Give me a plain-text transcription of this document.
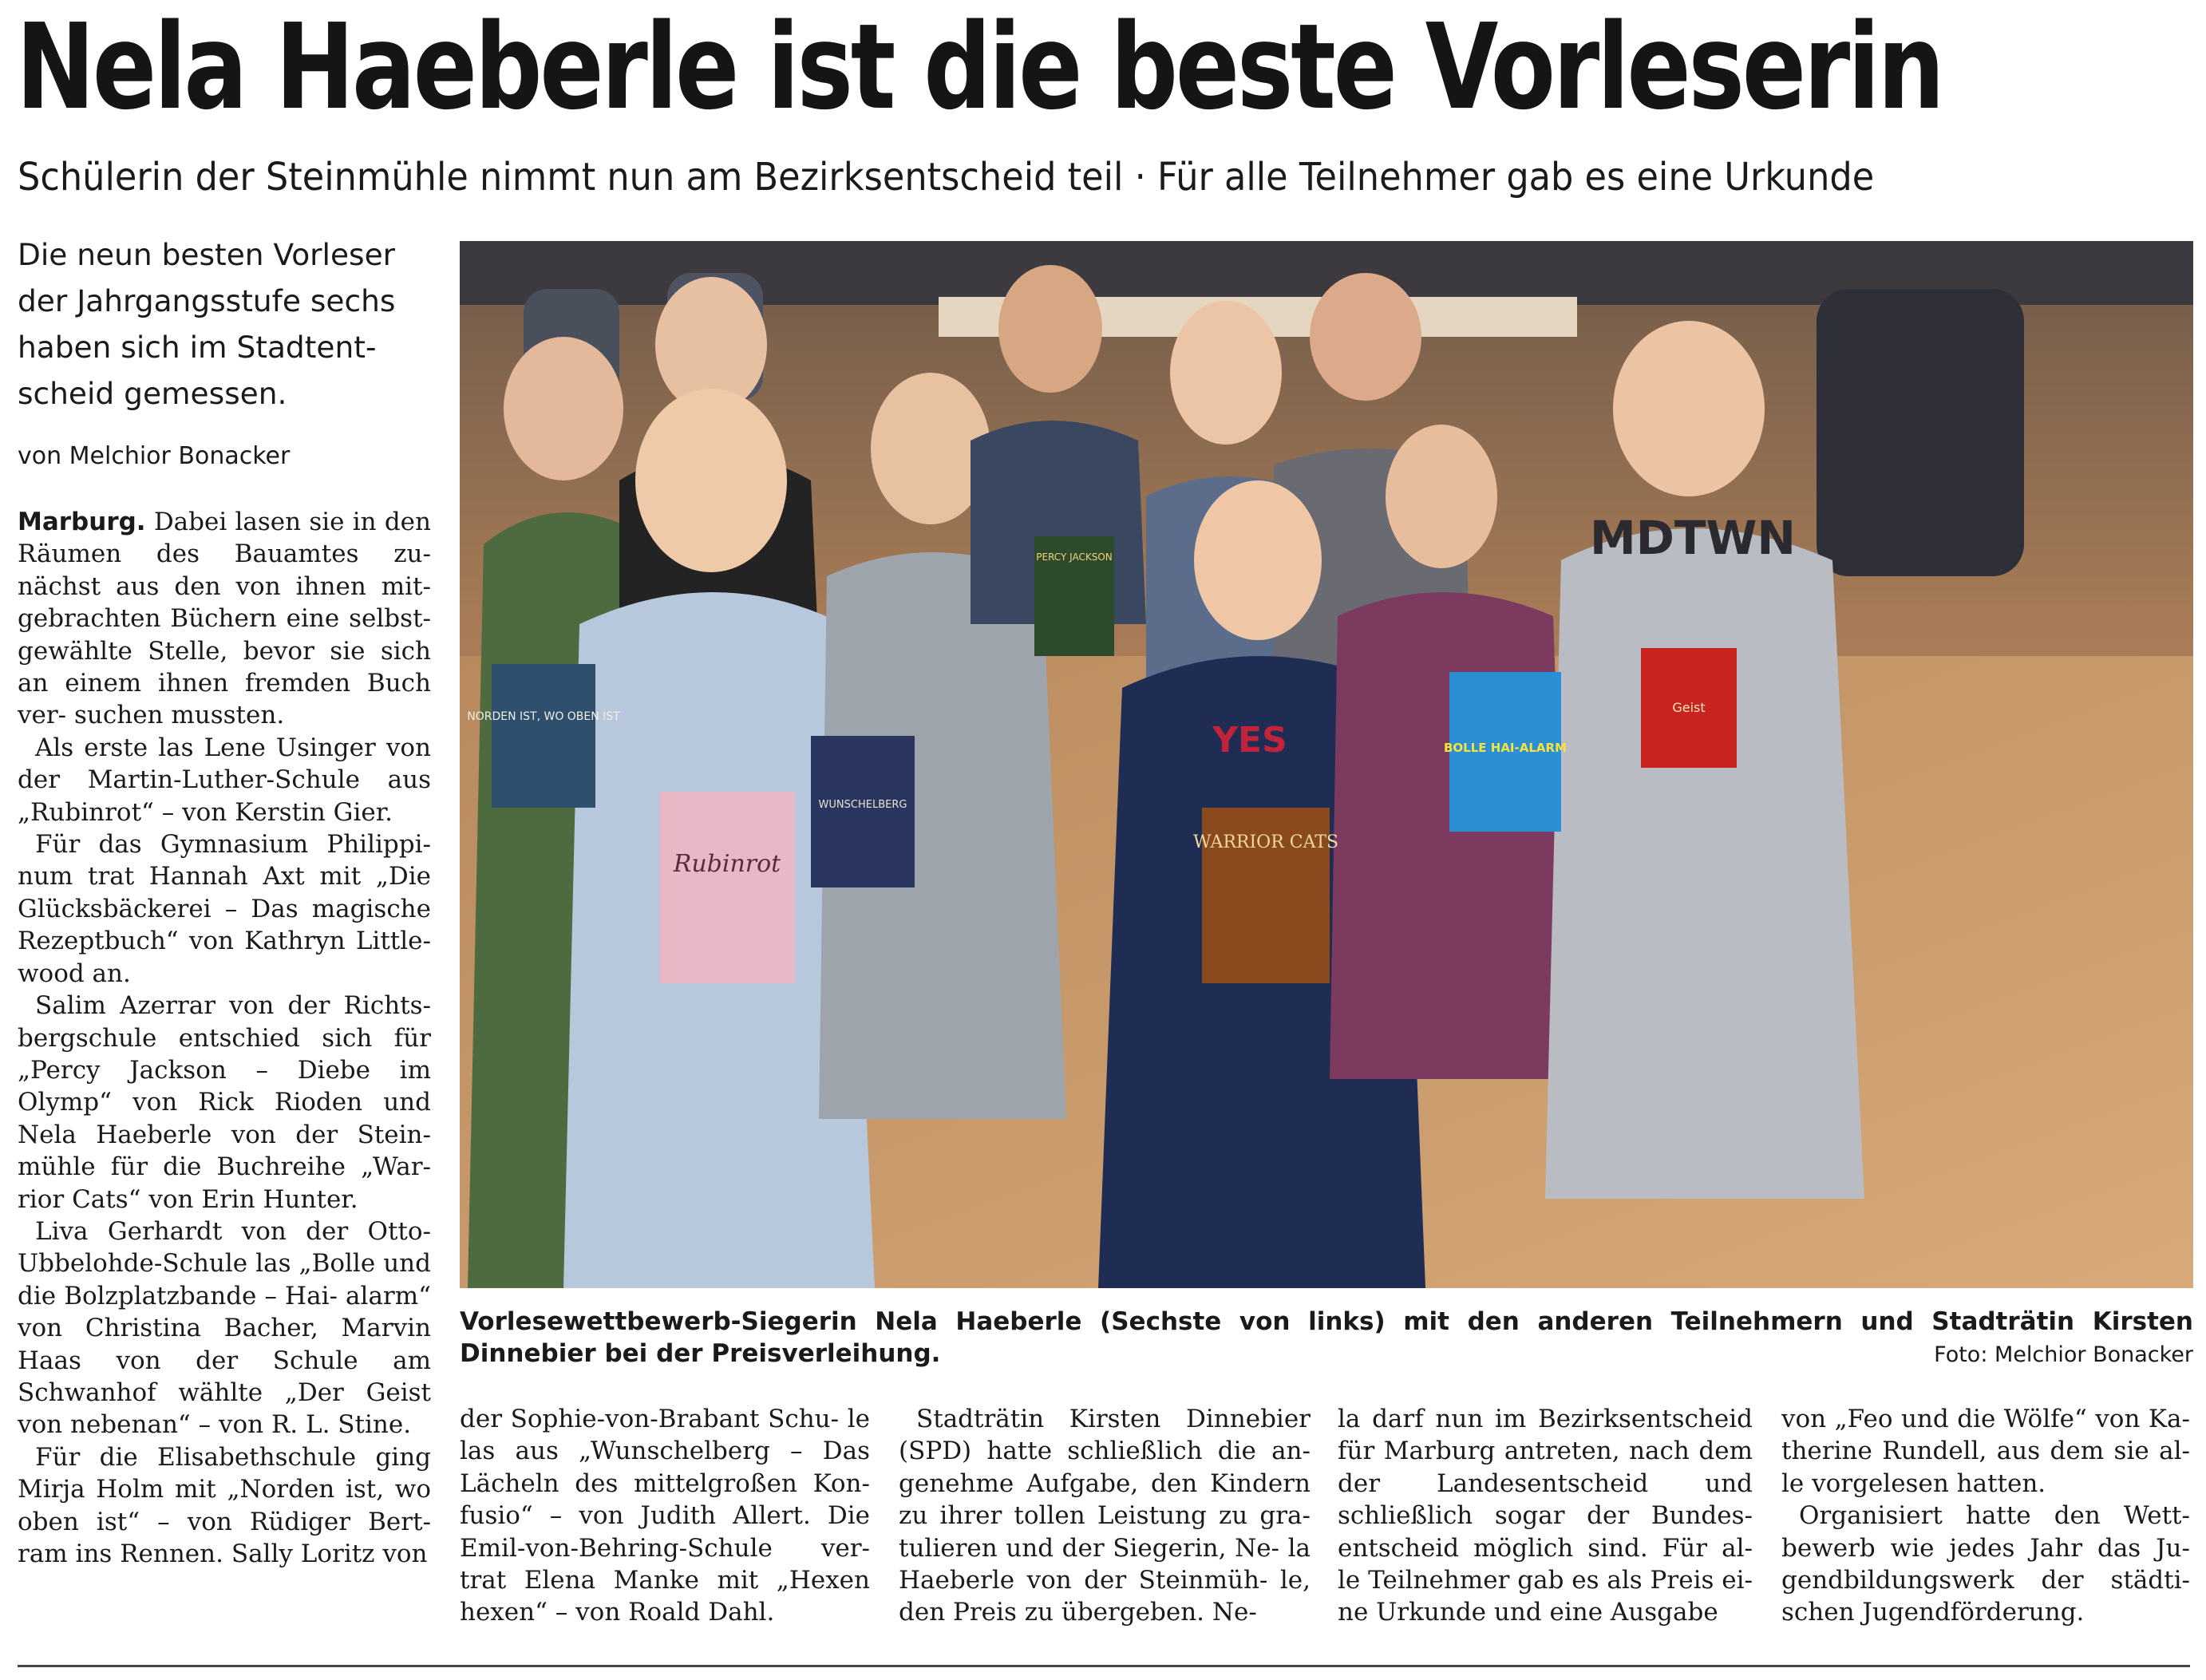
Nela Haeberle ist die beste Vorleserin
Schülerin der Steinmühle nimmt nun am Bezirksentscheid teil · Für alle Teilnehmer gab es eine Urkunde

Die neun besten Vorleser der Jahrgangsstufe sechs haben sich im Stadtent- scheid gemessen.

von Melchior Bonacker

Marburg. Dabei lasen sie in den Räumen des Bauamtes zu- nächst aus den von ihnen mit- gebrachten Büchern eine selbst- gewählte Stelle, bevor sie sich an einem ihnen fremden Buch ver- suchen mussten.

Als erste las Lene Usinger von der Martin-Luther-Schule aus „Rubinrot“ – von Kerstin Gier.

Für das Gymnasium Philippi- num trat Hannah Axt mit „Die Glücksbäckerei – Das magische Rezeptbuch“ von Kathryn Little- wood an.

Salim Azerrar von der Richts- bergschule entschied sich für „Percy Jackson – Diebe im Olymp“ von Rick Rioden und Nela Haeberle von der Stein- mühle für die Buchreihe „War- rior Cats“ von Erin Hunter.

Liva Gerhardt von der Otto- Ubbelohde-Schule las „Bolle und die Bolzplatzbande – Hai- alarm“ von Christina Bacher, Marvin Haas von der Schule am Schwanhof wählte „Der Geist von nebenan“ – von R. L. Stine.

Für die Elisabethschule ging Mirja Holm mit „Norden ist, wo oben ist“ – von Rüdiger Bert- ram ins Rennen. Sally Loritz von

MDTWN
YES
NORDEN IST, WO OBEN IST
Rubinrot
WUNSCHELBERG
PERCY JACKSON
WARRIOR CATS
BOLLE HAI-ALARM
Geist

Vorlesewettbewerb-Siegerin Nela Haeberle (Sechste von links) mit den anderen Teilnehmern und Stadträtin Kirsten Dinnebier bei der Preisverleihung.	Foto: Melchior Bonacker

der Sophie-von-Brabant Schu- le las aus „Wunschelberg – Das Lächeln des mittelgroßen Kon- fusio“ – von Judith Allert. Die Emil-von-Behring-Schule ver- trat Elena Manke mit „Hexen hexen“ – von Roald Dahl.

Stadträtin Kirsten Dinnebier (SPD) hatte schließlich die an- genehme Aufgabe, den Kindern zu ihrer tollen Leistung zu gra- tulieren und der Siegerin, Ne- la Haeberle von der Steinmüh- le, den Preis zu übergeben. Ne-

la darf nun im Bezirksentscheid für Marburg antreten, nach dem der Landesentscheid und schließlich sogar der Bundes- entscheid möglich sind. Für al- le Teilnehmer gab es als Preis ei- ne Urkunde und eine Ausgabe

von „Feo und die Wölfe“ von Ka- therine Rundell, aus dem sie al- le vorgelesen hatten.

Organisiert hatte den Wett- bewerb wie jedes Jahr das Ju- gendbildungswerk der städti- schen Jugendförderung.
